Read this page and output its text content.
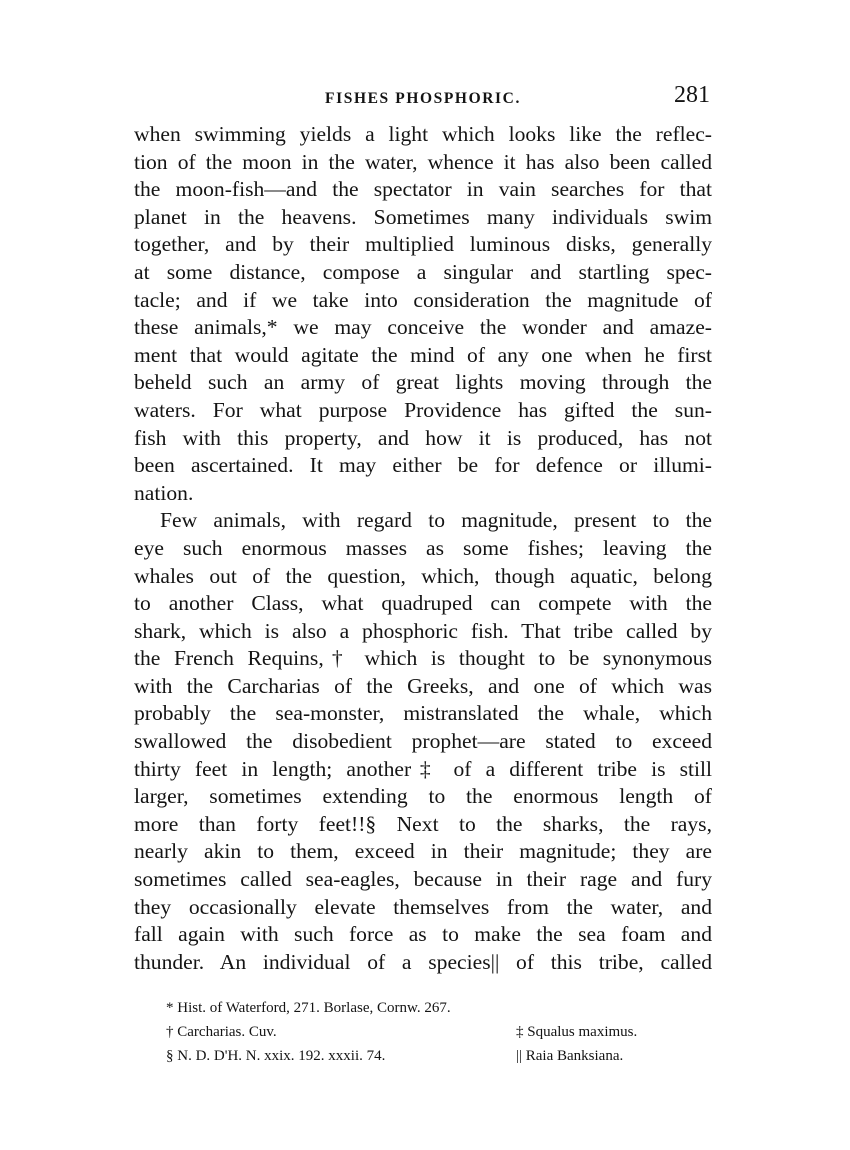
FISHES PHOSPHORIC.	281
when swimming yields a light which looks like the reflec-
tion of the moon in the water, whence it has also been called
the moon-fish—and the spectator in vain searches for that
planet in the heavens. Sometimes many individuals swim
together, and by their multiplied luminous disks, generally
at some distance, compose a singular and startling spec-
tacle; and if we take into consideration the magnitude of
these animals,* we may conceive the wonder and amaze-
ment that would agitate the mind of any one when he first
beheld such an army of great lights moving through the
waters. For what purpose Providence has gifted the sun-
fish with this property, and how it is produced, has not
been ascertained. It may either be for defence or illumi-
nation.
Few animals, with regard to magnitude, present to the
eye such enormous masses as some fishes; leaving the
whales out of the question, which, though aquatic, belong
to another Class, what quadruped can compete with the
shark, which is also a phosphoric fish. That tribe called by
the French Requins,† which is thought to be synonymous
with the Carcharias of the Greeks, and one of which was
probably the sea-monster, mistranslated the whale, which
swallowed the disobedient prophet—are stated to exceed
thirty feet in length; another‡ of a different tribe is still
larger, sometimes extending to the enormous length of
more than forty feet!!§ Next to the sharks, the rays,
nearly akin to them, exceed in their magnitude; they are
sometimes called sea-eagles, because in their rage and fury
they occasionally elevate themselves from the water, and
fall again with such force as to make the sea foam and
thunder. An individual of a species|| of this tribe, called
* Hist. of Waterford, 271. Borlase, Cornw. 267.
† Carcharias. Cuv.	‡ Squalus maximus.
§ N. D. D'H. N. xxix. 192. xxxii. 74.	|| Raia Banksiana.
